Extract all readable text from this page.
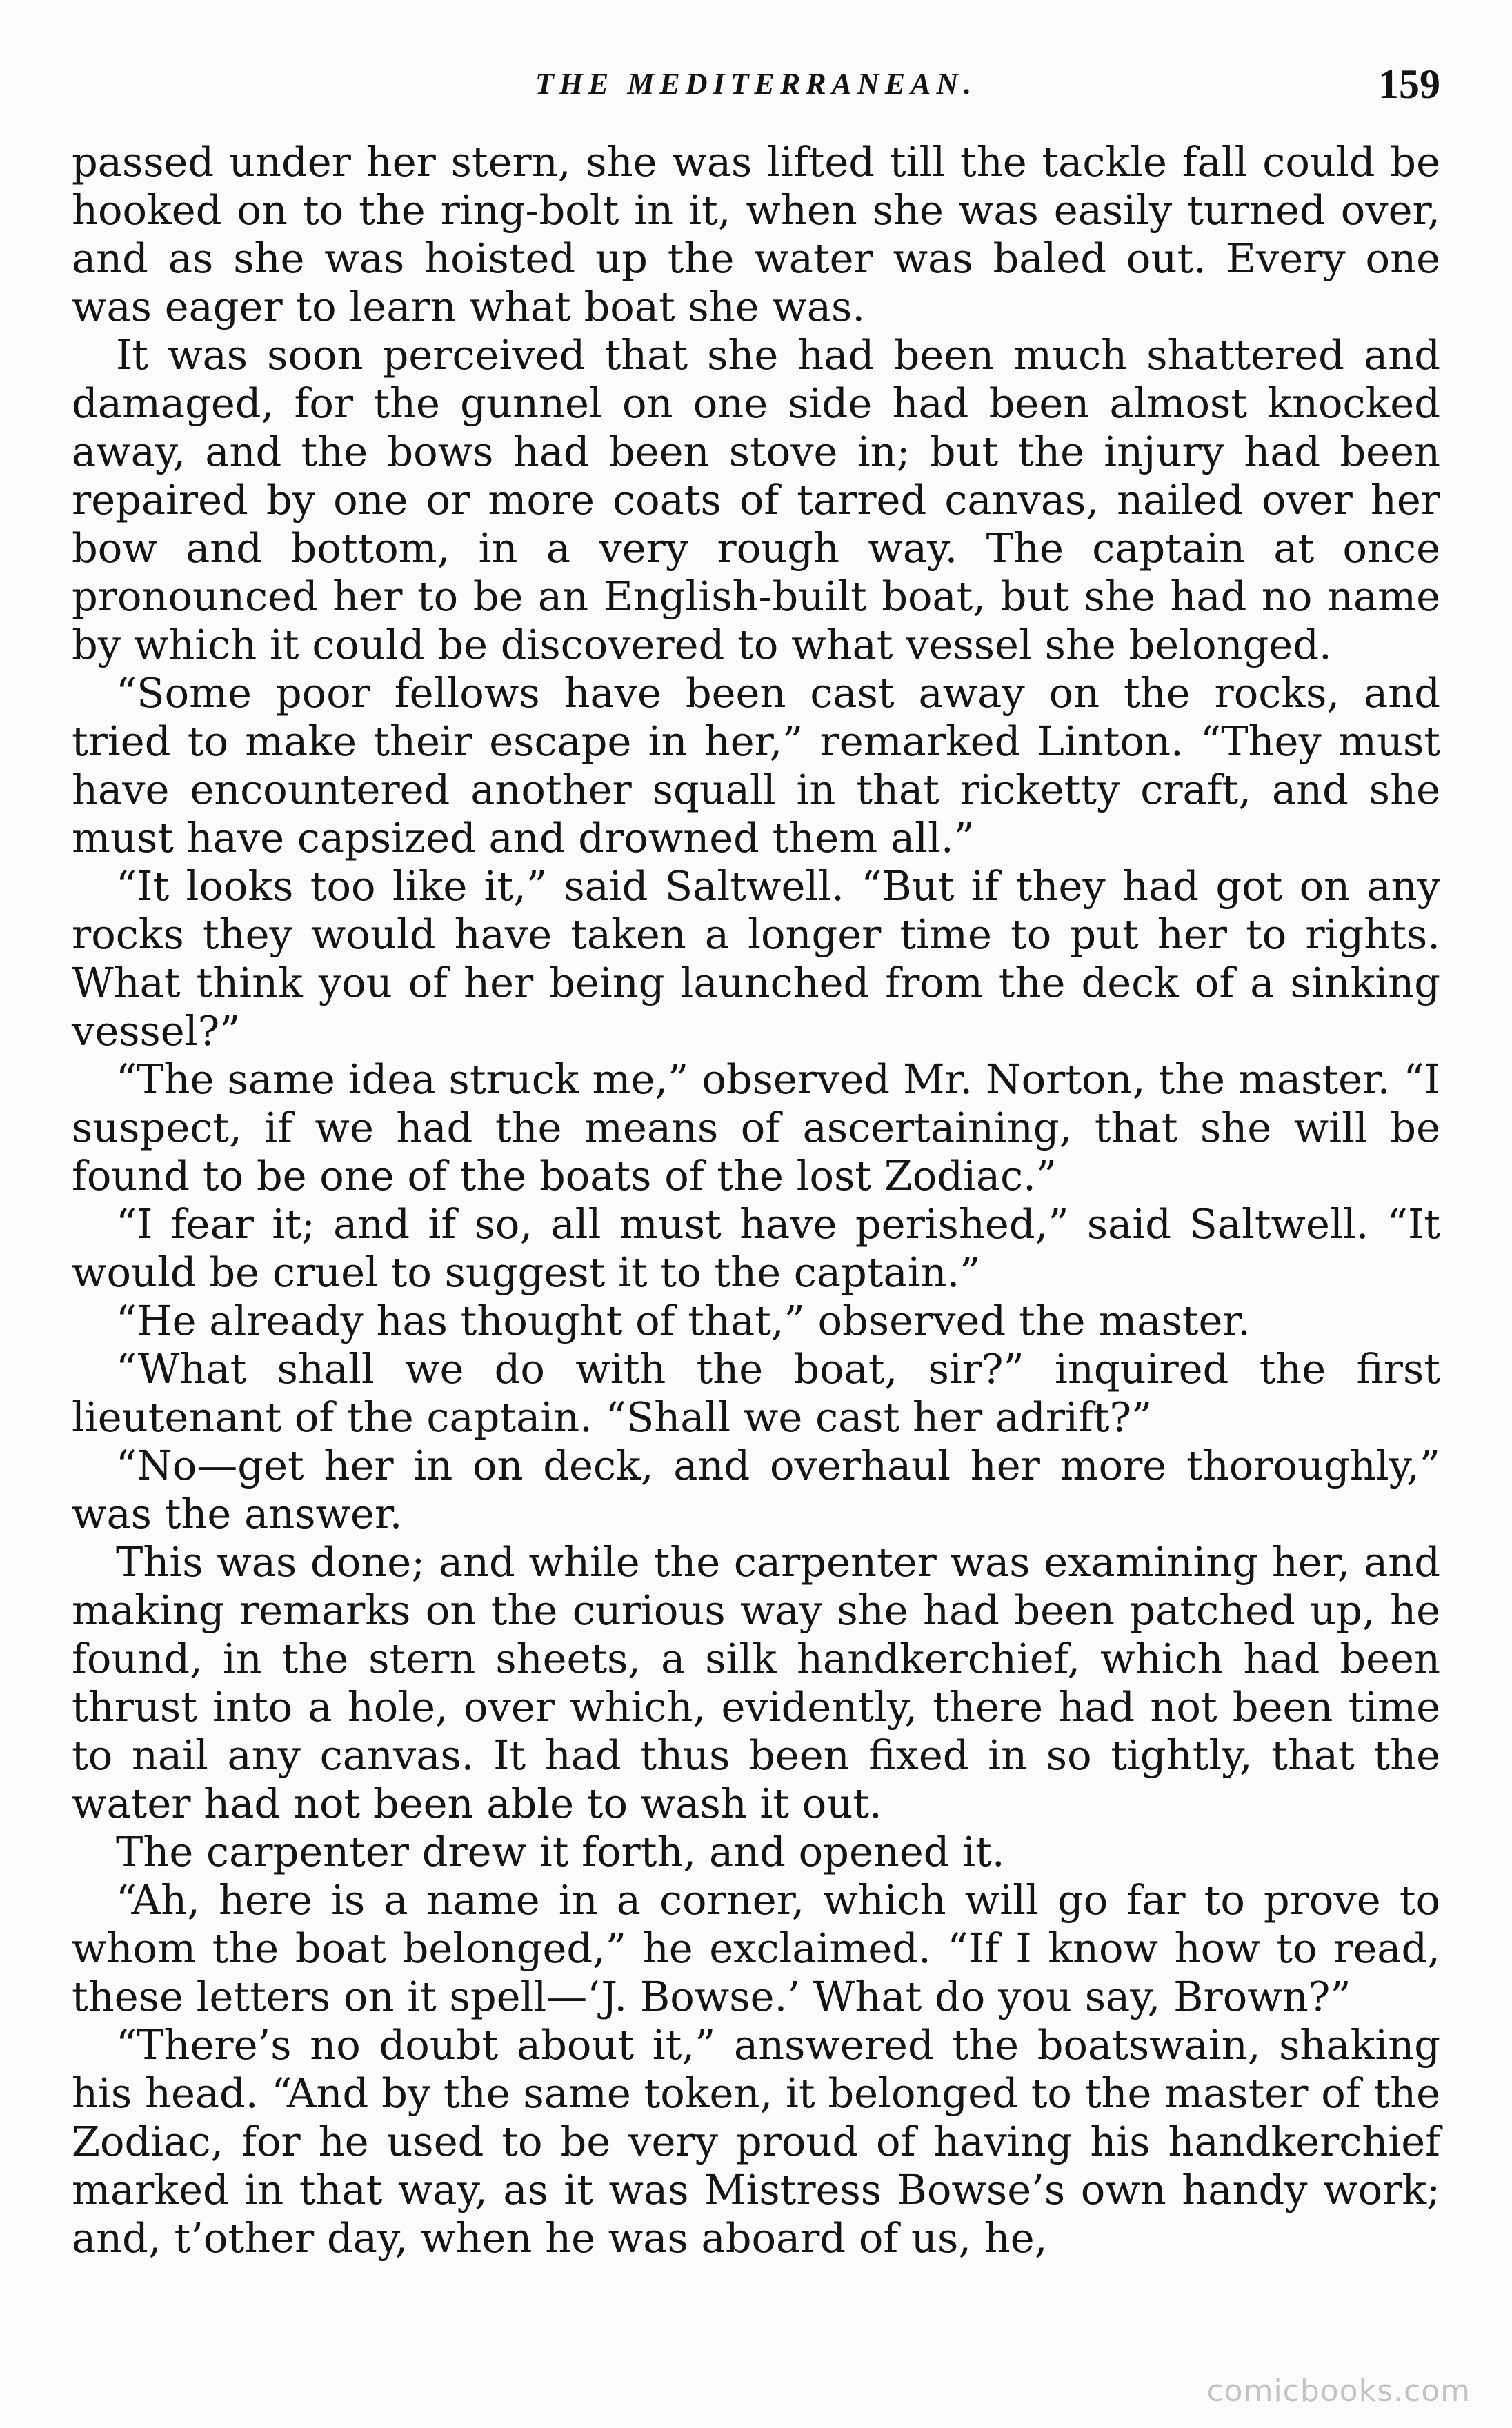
THE MEDITERRANEAN.	159

passed under her stern, she was lifted till the tackle fall could be hooked on to the ring-bolt in it, when she was easily turned over, and as she was hoisted up the water was baled out. Every one was eager to learn what boat she was.

It was soon perceived that she had been much shattered and damaged, for the gunnel on one side had been almost knocked away, and the bows had been stove in; but the injury had been repaired by one or more coats of tarred canvas, nailed over her bow and bottom, in a very rough way. The captain at once pronounced her to be an English-built boat, but she had no name by which it could be discovered to what vessel she belonged.

“Some poor fellows have been cast away on the rocks, and tried to make their escape in her,” remarked Linton. “They must have encountered another squall in that ricketty craft, and she must have capsized and drowned them all.”

“It looks too like it,” said Saltwell. “But if they had got on any rocks they would have taken a longer time to put her to rights. What think you of her being launched from the deck of a sinking vessel?”

“The same idea struck me,” observed Mr. Norton, the master. “I suspect, if we had the means of ascertaining, that she will be found to be one of the boats of the lost Zodiac.”

“I fear it; and if so, all must have perished,” said Saltwell. “It would be cruel to suggest it to the captain.”

“He already has thought of that,” observed the master.

“What shall we do with the boat, sir?” inquired the first lieutenant of the captain. “Shall we cast her adrift?”

“No—get her in on deck, and overhaul her more thoroughly,” was the answer.

This was done; and while the carpenter was examining her, and making remarks on the curious way she had been patched up, he found, in the stern sheets, a silk handkerchief, which had been thrust into a hole, over which, evidently, there had not been time to nail any canvas. It had thus been fixed in so tightly, that the water had not been able to wash it out.

The carpenter drew it forth, and opened it.

“Ah, here is a name in a corner, which will go far to prove to whom the boat belonged,” he exclaimed. “If I know how to read, these letters on it spell—‘J. Bowse.’ What do you say, Brown?”

“There’s no doubt about it,” answered the boatswain, shaking his head. “And by the same token, it belonged to the master of the Zodiac, for he used to be very proud of having his handkerchief marked in that way, as it was Mistress Bowse’s own handy work; and, t’other day, when he was aboard of us, he,

comicbooks.com
